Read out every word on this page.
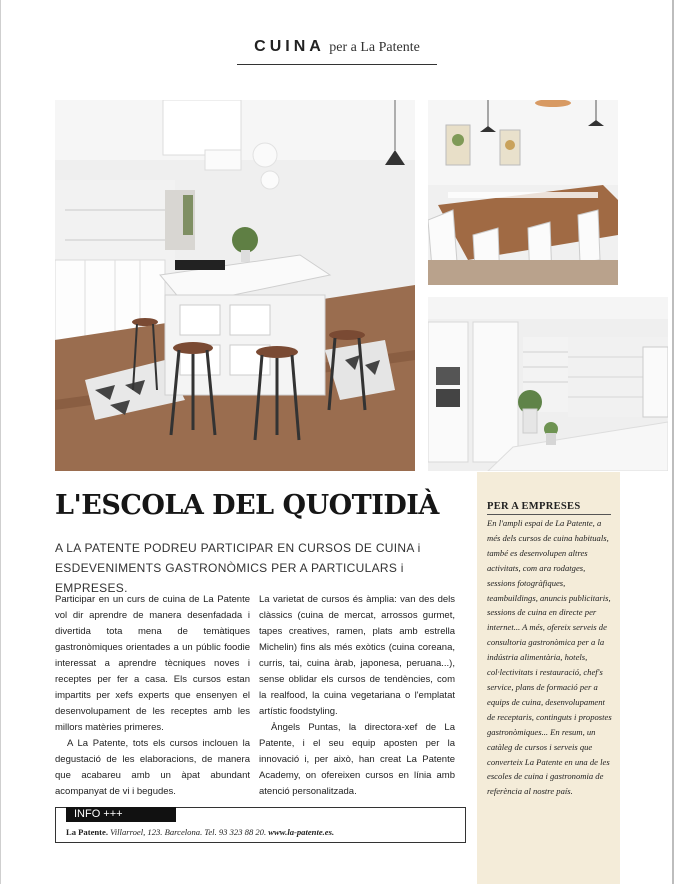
CUINA per a La Patente
L'ESCOLA DEL QUOTIDIÀ

A LA PATENTE PODREU PARTICIPAR EN CURSOS DE CUINA i ESDEVENIMENTS GASTRONÒMICS PER A PARTICULARS i EMPRESES.

Participar en un curs de cuina de La Patente vol dir aprendre de manera desenfadada i divertida tota mena de temàtiques gastronòmiques orientades a un públic foodie interessat a aprendre tècniques noves i receptes per fer a casa. Els cursos estan impartits per xefs experts que ensenyen el desenvolupament de les receptes amb les millors matèries primeres.

A La Patente, tots els cursos inclouen la degustació de les elaboracions, de manera que acabareu amb un àpat abundant acompanyat de vi i begudes.

La varietat de cursos és àmplia: van des dels clàssics (cuina de mercat, arrossos gurmet, tapes creatives, ramen, plats amb estrella Michelin) fins als més exòtics (cuina coreana, curris, tai, cuina àrab, japonesa, peruana...), sense oblidar els cursos de tendències, com la realfood, la cuina vegetariana o l'emplatat artístic foodstyling.

Àngels Puntas, la directora-xef de La Patente, i el seu equip aposten per la innovació i, per això, han creat La Patente Academy, on ofereixen cursos en línia amb atenció personalitzada.

PER A EMPRESES

En l'ampli espai de La Patente, a més dels cursos de cuina habituals, també es desenvolupen altres activitats, com ara rodatges, sessions fotogràfiques, teambuildings, anuncis publicitaris, sessions de cuina en directe per internet... A més, ofereix serveis de consultoria gastronòmica per a la indústria alimentària, hotels, col·lectivitats i restauració, chef's service, plans de formació per a equips de cuina, desenvolupament de receptaris, continguts i propostes gastronòmiques... En resum, un catàleg de cursos i serveis que converteix La Patente en una de les escoles de cuina i gastronomia de referència al nostre país.

INFO +++
La Patente. Villarroel, 123. Barcelona. Tel. 93 323 88 20. www.la-patente.es.
